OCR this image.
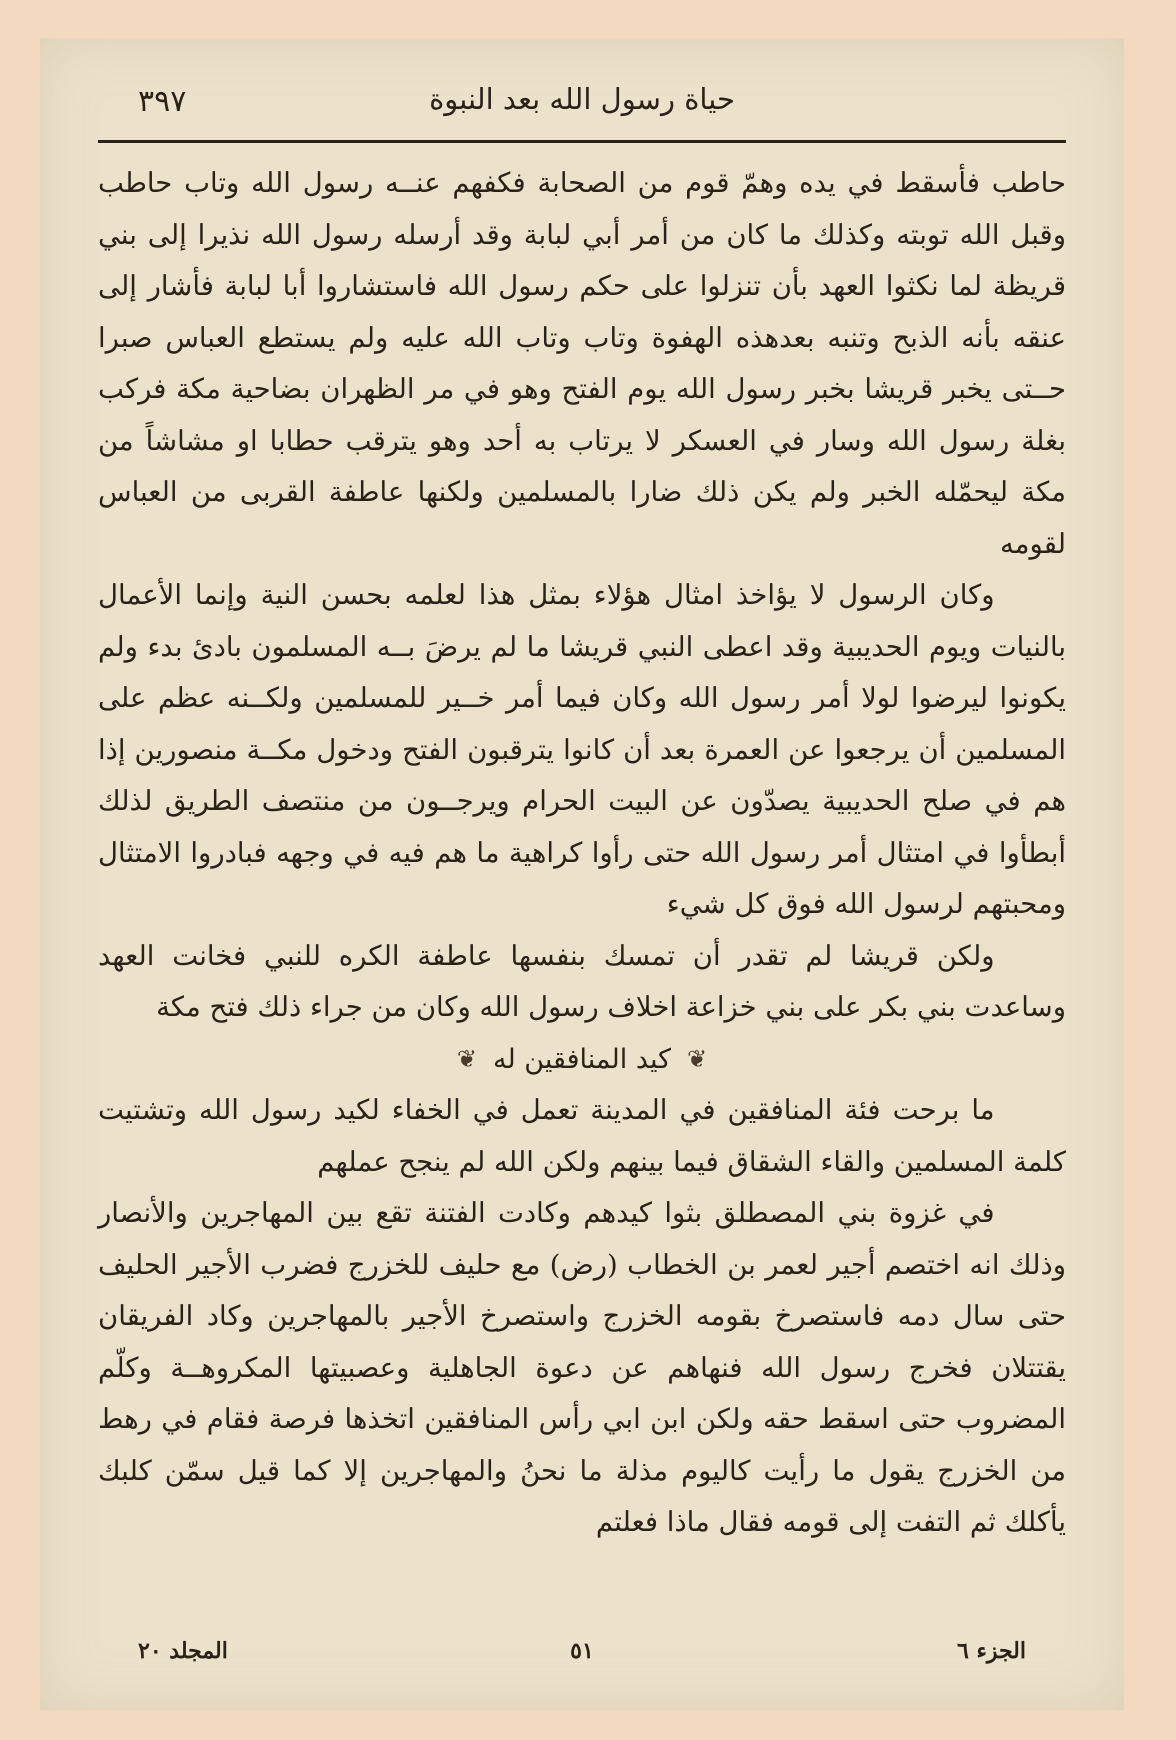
٣٩٧	حياة رسول الله بعد النبوة

حاطب فأسقط في يده وهمّ قوم من الصحابة فكفهم عنــه رسول الله وتاب حاطب وقبل الله توبته وكذلك ما كان من أمر أبي لبابة وقد أرسله رسول الله نذيرا إلى بني قريظة لما نكثوا العهد بأن تنزلوا على حكم رسول الله فاستشاروا أبا لبابة فأشار إلى عنقه بأنه الذبح وتنبه بعدهذه الهفوة وتاب وتاب الله عليه ولم يستطع العباس صبرا حــتى يخبر قريشا بخبر رسول الله يوم الفتح وهو في مر الظهران بضاحية مكة فركب بغلة رسول الله وسار في العسكر لا يرتاب به أحد وهو يترقب حطابا او مشاشاً من مكة ليحمّله الخبر ولم يكن ذلك ضارا بالمسلمين ولكنها عاطفة القربى من العباس لقومه

وكان الرسول لا يؤاخذ امثال هؤلاء بمثل هذا لعلمه بحسن النية وإنما الأعمال بالنيات ويوم الحديبية وقد اعطى النبي قريشا ما لم يرضَ بــه المسلمون بادئ بدء ولم يكونوا ليرضوا لولا أمر رسول الله وكان فيما أمر خــير للمسلمين ولكــنه عظم على المسلمين أن يرجعوا عن العمرة بعد أن كانوا يترقبون الفتح ودخول مكــة منصورين إذا هم في صلح الحديبية يصدّون عن البيت الحرام ويرجــون من منتصف الطريق لذلك أبطأوا في امتثال أمر رسول الله حتى رأوا كراهية ما هم فيه في وجهه فبادروا الامتثال ومحبتهم لرسول الله فوق كل شيء

ولكن قريشا لم تقدر أن تمسك بنفسها عاطفة الكره للنبي فخانت العهد وساعدت بني بكر على بني خزاعة اخلاف رسول الله وكان من جراء ذلك فتح مكة

❦
كيد المنافقين له
❦

ما برحت فئة المنافقين في المدينة تعمل في الخفاء لكيد رسول الله وتشتيت كلمة المسلمين والقاء الشقاق فيما بينهم ولكن الله لم ينجح عملهم

في غزوة بني المصطلق بثوا كيدهم وكادت الفتنة تقع بين المهاجرين والأنصار وذلك انه اختصم أجير لعمر بن الخطاب (رض) مع حليف للخزرج فضرب الأجير الحليف حتى سال دمه فاستصرخ بقومه الخزرج واستصرخ الأجير بالمهاجرين وكاد الفريقان يقتتلان فخرج رسول الله فنهاهم عن دعوة الجاهلية وعصبيتها المكروهــة وكلّم المضروب حتى اسقط حقه ولكن ابن ابي رأس المنافقين اتخذها فرصة فقام في رهط من الخزرج يقول ما رأيت كاليوم مذلة ما نحنُ والمهاجرين إلا كما قيل سمّن كلبك يأكلك ثم التفت إلى قومه فقال ماذا فعلتم

الجزء ٦
٥١
المجلد ٢٠
